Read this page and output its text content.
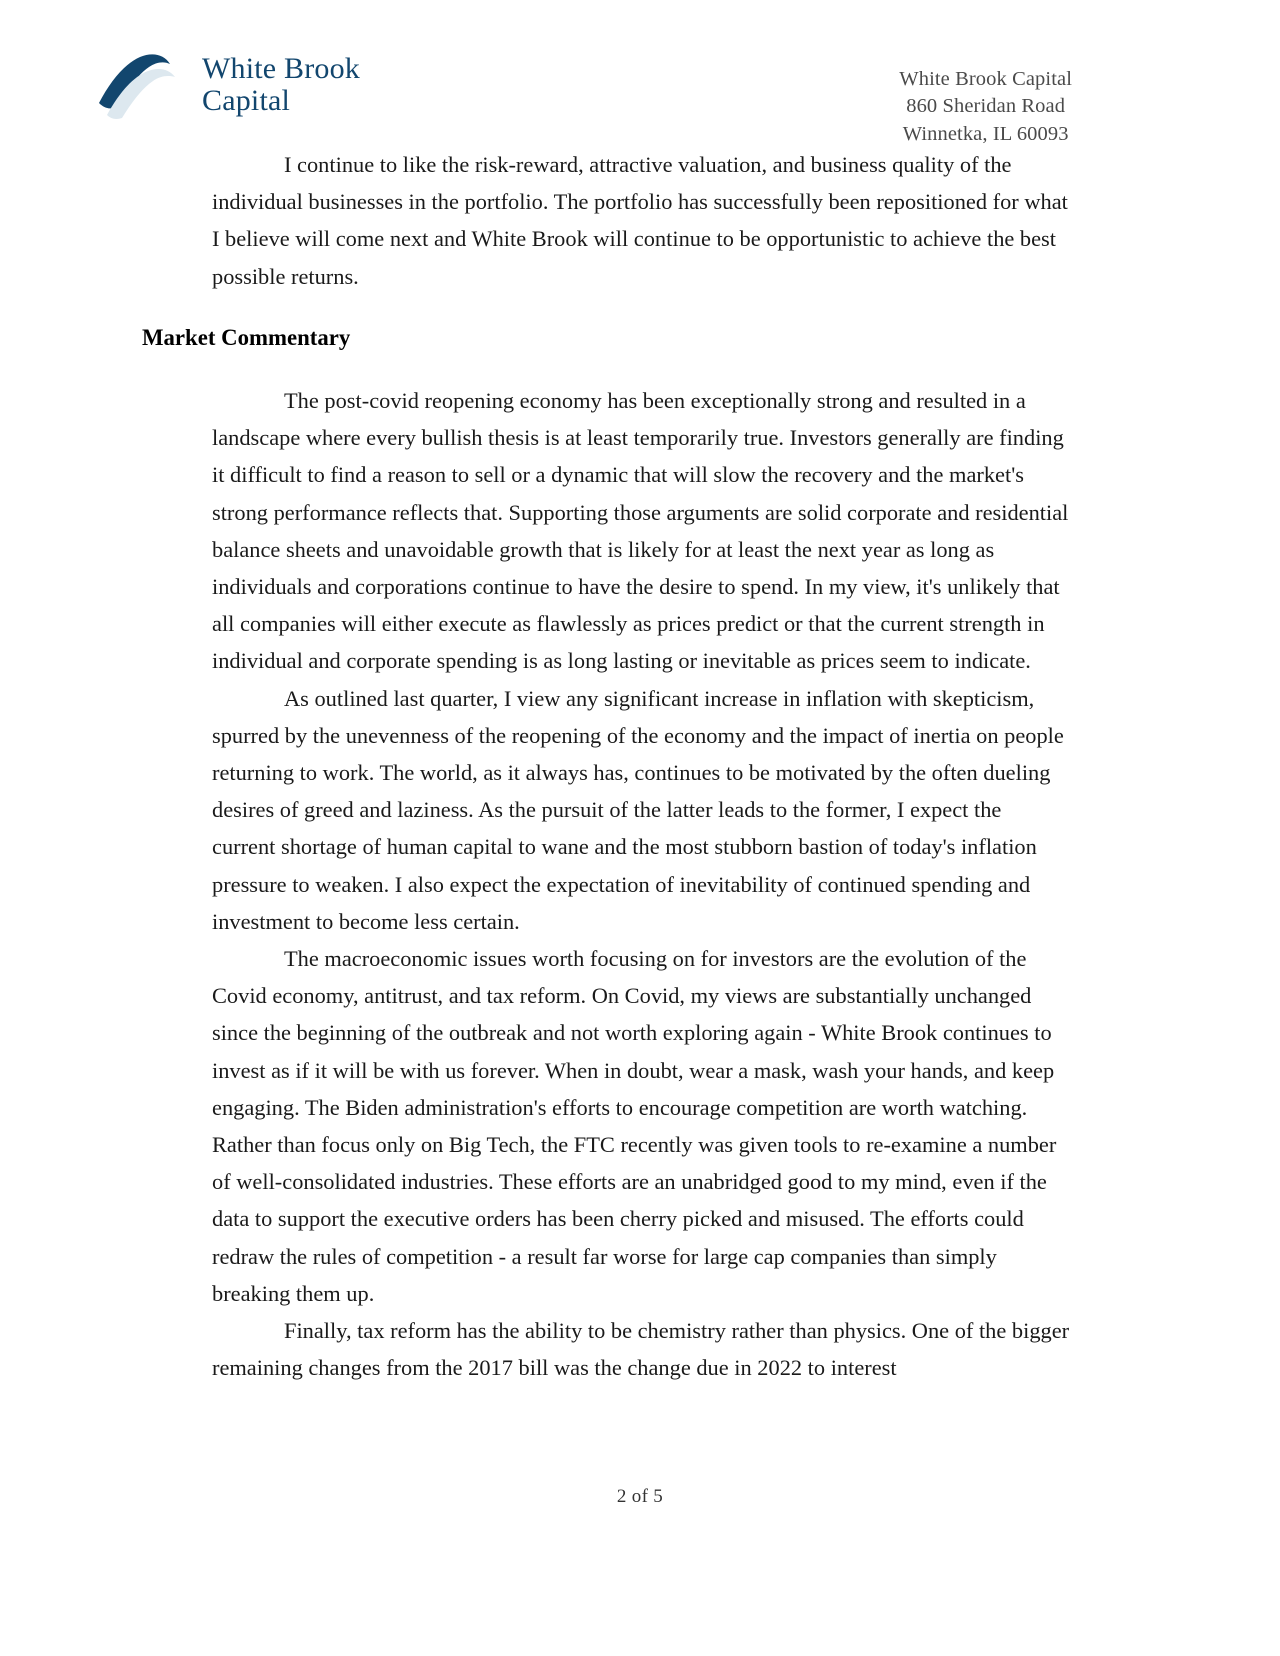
White Brook
Capital
White Brook Capital
860 Sheridan Road
Winnetka, IL 60093

I continue to like the risk-reward, attractive valuation, and business quality of the individual businesses in the portfolio. The portfolio has successfully been repositioned for what I believe will come next and White Brook will continue to be opportunistic to achieve the best possible returns.

Market Commentary

The post-covid reopening economy has been exceptionally strong and resulted in a landscape where every bullish thesis is at least temporarily true. Investors generally are finding it difficult to find a reason to sell or a dynamic that will slow the recovery and the market's strong performance reflects that. Supporting those arguments are solid corporate and residential balance sheets and unavoidable growth that is likely for at least the next year as long as individuals and corporations continue to have the desire to spend. In my view, it's unlikely that all companies will either execute as flawlessly as prices predict or that the current strength in individual and corporate spending is as long lasting or inevitable as prices seem to indicate.

As outlined last quarter, I view any significant increase in inflation with skepticism, spurred by the unevenness of the reopening of the economy and the impact of inertia on people returning to work. The world, as it always has, continues to be motivated by the often dueling desires of greed and laziness. As the pursuit of the latter leads to the former, I expect the current shortage of human capital to wane and the most stubborn bastion of today's inflation pressure to weaken. I also expect the expectation of inevitability of continued spending and investment to become less certain.

The macroeconomic issues worth focusing on for investors are the evolution of the Covid economy, antitrust, and tax reform. On Covid, my views are substantially unchanged since the beginning of the outbreak and not worth exploring again - White Brook continues to invest as if it will be with us forever. When in doubt, wear a mask, wash your hands, and keep engaging. The Biden administration's efforts to encourage competition are worth watching. Rather than focus only on Big Tech, the FTC recently was given tools to re-examine a number of well-consolidated industries. These efforts are an unabridged good to my mind, even if the data to support the executive orders has been cherry picked and misused. The efforts could redraw the rules of competition - a result far worse for large cap companies than simply breaking them up.

Finally, tax reform has the ability to be chemistry rather than physics. One of the bigger remaining changes from the 2017 bill was the change due in 2022 to interest

2 of 5
